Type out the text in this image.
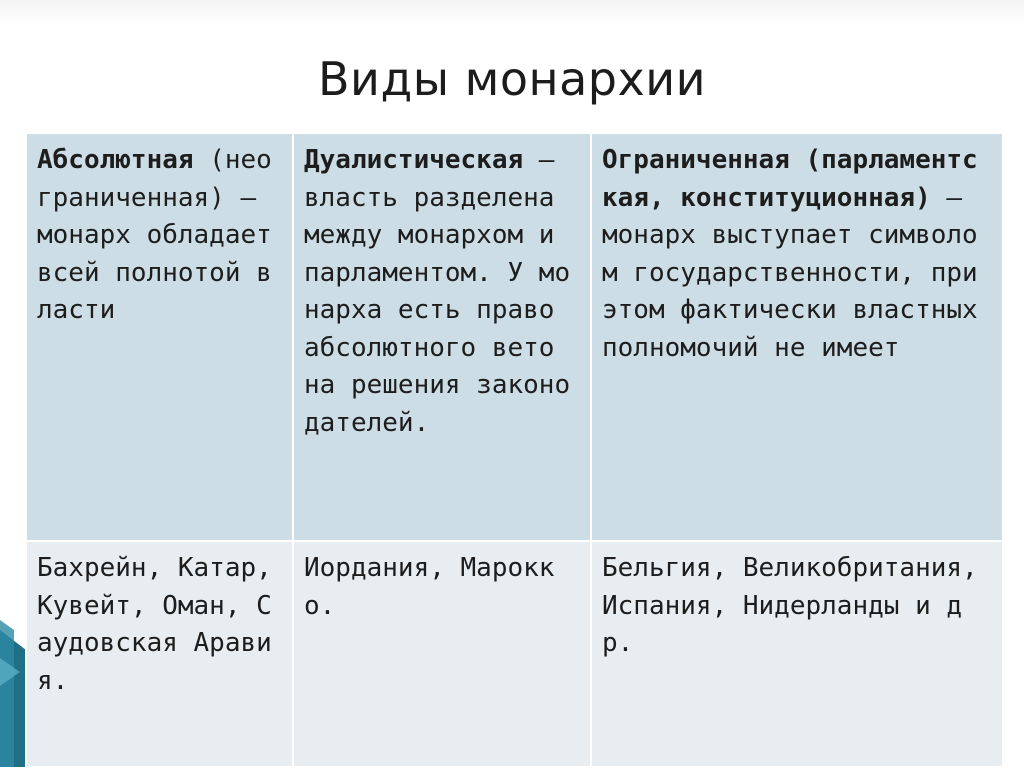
Виды монархии
Абсолютная (неограниченная) – монарх обладает всей полнотой власти	Дуалистическая – власть разделена между монархом и парламентом. У монарха есть право абсолютного вето на решения законодателей.	Ограниченная (парламентская, конституционная) – монарх выступает символом государственности, при этом фактически властных полномочий не имеет
Бахрейн, Катар, Кувейт, Оман, Саудовская Аравия.	Иордания, Марокко.	Бельгия, Великобритания, Испания, Нидерланды и др.
